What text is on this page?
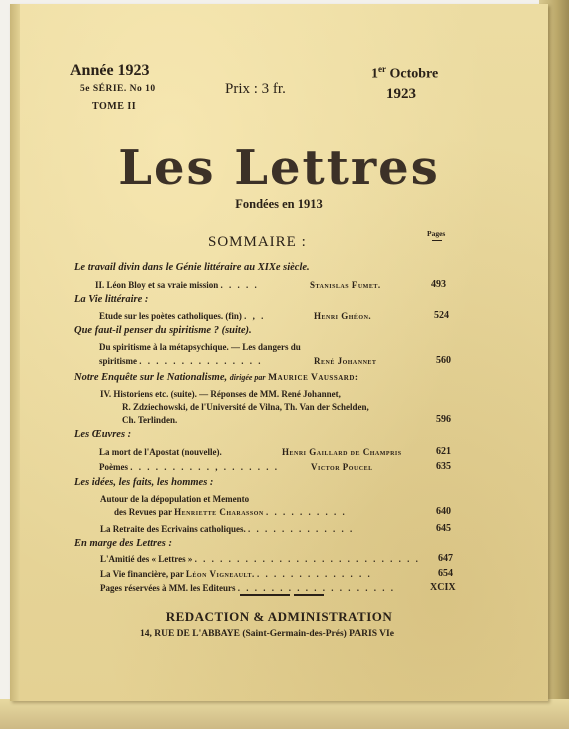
Année 1923
5e SÉRIE. No 10
TOME II
Prix : 3 fr.
1er Octobre
1923
Les Lettres
Fondées en 1913
SOMMAIRE :
Pages
Le travail divin dans le Génie littéraire au XIXe siècle.
II. Léon Bloy et sa vraie mission . . . . .	Stanislas Fumet.	493
La Vie littéraire :
Etude sur les poètes catholiques. (fin) . , .	Henri Ghéon.	524
Que faut-il penser du spiritisme ? (suite).
Du spiritisme à la métapsychique. — Les dangers du
spiritisme . . . . . . . . . . . . . . .	René Johannet	560
Notre Enquête sur le Nationalisme, dirigée par Maurice Vaussard:
IV. Historiens etc. (suite). — Réponses de MM. René Johannet,
R. Zdziechowski, de l'Université de Vilna, Th. Van der Schelden,
Ch. Terlinden.	596
Les Œuvres :
La mort de l'Apostat (nouvelle).	Henri Gaillard de Champris	621
Poèmes . . . . . . . . . . , . . . . . . .	Victor Poucel	635
Les idées, les faits, les hommes :
Autour de la dépopulation et Memento
des Revues par Henriette Charasson . . . . . . . . . .	640
La Retraite des Ecrivains catholiques. . . . . . . . . . . . . .	645
En marge des Lettres :
L'Amitié des « Lettres » . . . . . . . . . . . . . . . . . . . . . . . . . . . 647
La Vie financière, par Léon Vigneault. . . . . . . . . . . . . . .	654
Pages réservées à MM. les Editeurs . . . . . . . . . . . . . . . . . . .	XCIX
REDACTION & ADMINISTRATION
14, RUE DE L'ABBAYE (Saint-Germain-des-Prés) PARIS VIe
